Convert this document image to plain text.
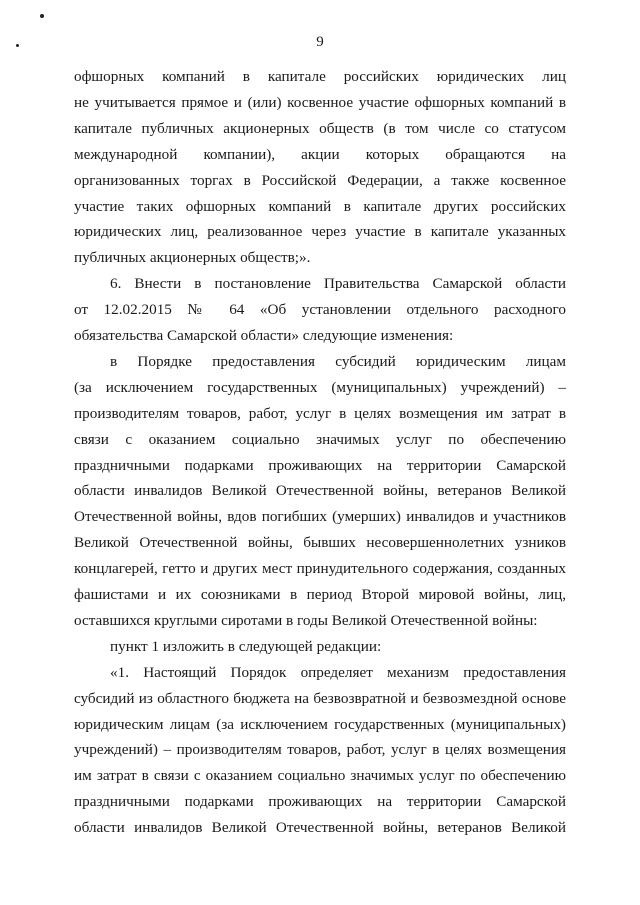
9
офшорных компаний в капитале российских юридических лиц
не учитывается прямое и (или) косвенное участие офшорных компаний в
капитале публичных акционерных обществ (в том числе со статусом
международной компании), акции которых обращаются на
организованных торгах в Российской Федерации, а также косвенное
участие таких офшорных компаний в капитале других российских
юридических лиц, реализованное через участие в капитале указанных
публичных акционерных обществ;».
6. Внести в постановление Правительства Самарской области
от 12.02.2015 № 64 «Об установлении отдельного расходного
обязательства Самарской области» следующие изменения:
в Порядке предоставления субсидий юридическим лицам
(за исключением государственных (муниципальных) учреждений) –
производителям товаров, работ, услуг в целях возмещения им затрат в
связи с оказанием социально значимых услуг по обеспечению
праздничными подарками проживающих на территории Самарской
области инвалидов Великой Отечественной войны, ветеранов Великой
Отечественной войны, вдов погибших (умерших) инвалидов и участников
Великой Отечественной войны, бывших несовершеннолетних узников
концлагерей, гетто и других мест принудительного содержания, созданных
фашистами и их союзниками в период Второй мировой войны, лиц,
оставшихся круглыми сиротами в годы Великой Отечественной войны:
пункт 1 изложить в следующей редакции:
«1. Настоящий Порядок определяет механизм предоставления
субсидий из областного бюджета на безвозвратной и безвозмездной основе
юридическим лицам (за исключением государственных (муниципальных)
учреждений) – производителям товаров, работ, услуг в целях возмещения
им затрат в связи с оказанием социально значимых услуг по обеспечению
праздничными подарками проживающих на территории Самарской
области инвалидов Великой Отечественной войны, ветеранов Великой
